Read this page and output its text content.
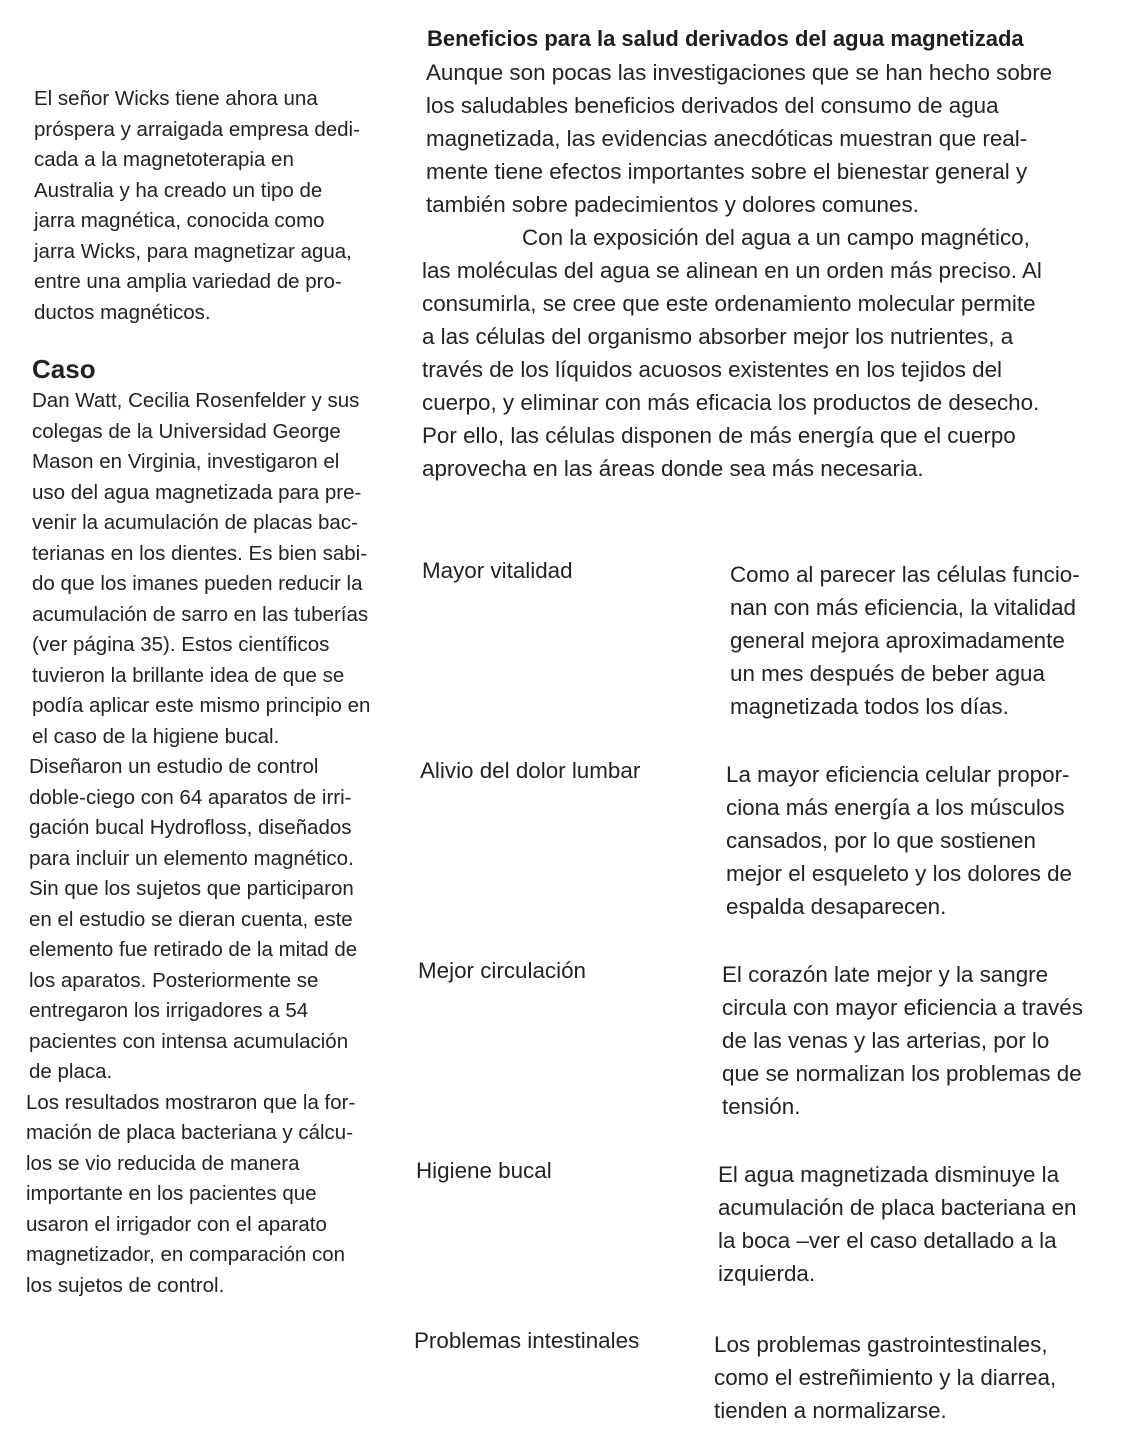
El señor Wicks tiene ahora una
próspera y arraigada empresa dedi-
cada a la magnetoterapia en
Australia y ha creado un tipo de
jarra magnética, conocida como
jarra Wicks, para magnetizar agua,
entre una amplia variedad de pro-
ductos magnéticos.

Caso

Dan Watt, Cecilia Rosenfelder y sus
colegas de la Universidad George
Mason en Virginia, investigaron el
uso del agua magnetizada para pre-
venir la acumulación de placas bac-
terianas en los dientes. Es bien sabi-
do que los imanes pueden reducir la
acumulación de sarro en las tuberías
(ver página 35). Estos científicos
tuvieron la brillante idea de que se
podía aplicar este mismo principio en
el caso de la higiene bucal.

Diseñaron un estudio de control
doble-ciego con 64 aparatos de irri-
gación bucal Hydrofloss, diseñados
para incluir un elemento magnético.
Sin que los sujetos que participaron
en el estudio se dieran cuenta, este
elemento fue retirado de la mitad de
los aparatos. Posteriormente se
entregaron los irrigadores a 54
pacientes con intensa acumulación
de placa.

Los resultados mostraron que la for-
mación de placa bacteriana y cálcu-
los se vio reducida de manera
importante en los pacientes que
usaron el irrigador con el aparato
magnetizador, en comparación con
los sujetos de control.

Beneficios para la salud derivados del agua magnetizada

Aunque son pocas las investigaciones que se han hecho sobre
los saludables beneficios derivados del consumo de agua
magnetizada, las evidencias anecdóticas muestran que real-
mente tiene efectos importantes sobre el bienestar general y
también sobre padecimientos y dolores comunes.

Con la exposición del agua a un campo magnético,
las moléculas del agua se alinean en un orden más preciso. Al
consumirla, se cree que este ordenamiento molecular permite
a las células del organismo absorber mejor los nutrientes, a
través de los líquidos acuosos existentes en los tejidos del
cuerpo, y eliminar con más eficacia los productos de desecho.
Por ello, las células disponen de más energía que el cuerpo
aprovecha en las áreas donde sea más necesaria.

Mayor vitalidad	Como al parecer las células funcio-
nan con más eficiencia, la vitalidad
general mejora aproximadamente
un mes después de beber agua
magnetizada todos los días.
Alivio del dolor lumbar	La mayor eficiencia celular propor-
ciona más energía a los músculos
cansados, por lo que sostienen
mejor el esqueleto y los dolores de
espalda desaparecen.
Mejor circulación	El corazón late mejor y la sangre
circula con mayor eficiencia a través
de las venas y las arterias, por lo
que se normalizan los problemas de
tensión.
Higiene bucal	El agua magnetizada disminuye la
acumulación de placa bacteriana en
la boca –ver el caso detallado a la
izquierda.
Problemas intestinales	Los problemas gastrointestinales,
como el estreñimiento y la diarrea,
tienden a normalizarse.
